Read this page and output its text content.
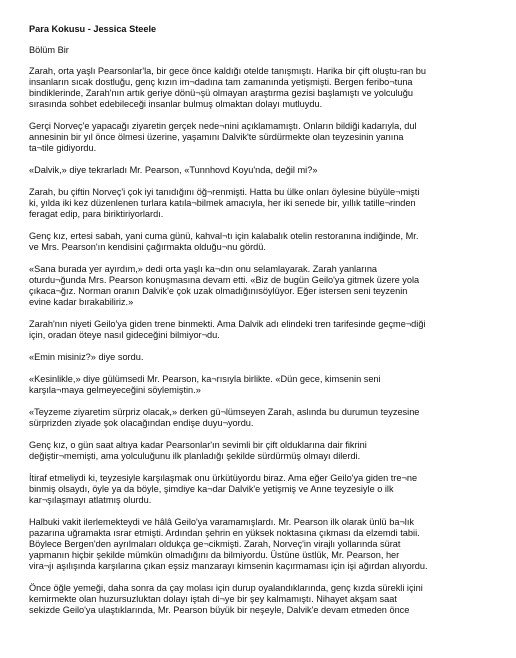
Para Kokusu - Jessica Steele
Bölüm Bir
Zarah, orta yaşlı Pearsonlar'la, bir gece önce kaldığı otelde tanışmıştı. Harika bir çift oluştu-ran bu
insanların sıcak dostluğu, genç kızın im¬dadına tam zamanında yetişmişti. Bergen feribo¬tuna
bindiklerinde, Zarah'nın artık geriye dönü¬şü olmayan araştırma gezisi başlamıştı ve yolculuğu
sırasında sohbet edebileceği insanlar bulmuş olmaktan dolayı mutluydu.
Gerçi Norveç'e yapacağı ziyaretin gerçek nede¬nini açıklamamıştı. Onların bildiği kadarıyla, dul
annesinin bir yıl önce ölmesi üzerine, yaşamını Dalvik'te sürdürmekte olan teyzesinin yanına
ta¬tile gidiyordu.
«Dalvik,» diye tekrarladı Mr. Pearson, «Tunnhovd Koyu'nda, değil mi?»
Zarah, bu çiftin Norveç'i çok iyi tanıdığını öğ¬renmişti. Hatta bu ülke onları öylesine büyüle¬mişti
ki, yılda iki kez düzenlenen turlara katıla¬bilmek amacıyla, her iki senede bir, yıllık tatille¬rinden
feragat edip, para biriktiriyorlardı.
Genç kız, ertesi sabah, yani cuma günü, kahval¬tı için kalabalık otelin restoranına indiğinde, Mr.
ve Mrs. Pearson'ın kendisini çağırmakta olduğu¬nu gördü.
«Sana burada yer ayırdım,» dedi orta yaşlı ka¬dın onu selamlayarak. Zarah yanlarına
oturdu¬ğunda Mrs. Pearson konuşmasına devam etti. «Biz de bugün Geilo'ya gitmek üzere yola
çıkaca¬ğız. Norman oranın Dalvik'e çok uzak olmadığınısöylüyor. Eğer istersen seni teyzenin
evine kadar bırakabiliriz.»
Zarah'nın niyeti Geilo'ya giden trene binmekti. Ama Dalvik adı elindeki tren tarifesinde geçme¬diği
için, oradan öteye nasıl gideceğini bilmiyor¬du.
«Emin misiniz?» diye sordu.
«Kesinlikle,» diye gülümsedi Mr. Pearson, ka¬rısıyla birlikte. «Dün gece, kimsenin seni
karşıla¬maya gelmeyeceğini söylemiştin.»
«Teyzeme ziyaretim sürpriz olacak,» derken gü¬lümseyen Zarah, aslında bu durumun teyzesine
sürprizden ziyade şok olacağından endişe duyu¬yordu.
Genç kız, o gün saat altıya kadar Pearsonlar'ın sevimli bir çift olduklarına dair fikrini
değiştir¬memişti, ama yolculuğunu ilk planladığı şekilde sürdürmüş olmayı dilerdi.
İtiraf etmeliydi ki, teyzesiyle karşılaşmak onu ürkütüyordu biraz. Ama eğer Geilo'ya giden tre¬ne
binmiş olsaydı, öyle ya da böyle, şimdiye ka¬dar Dalvik'e yetişmiş ve Anne teyzesiyle o ilk
kar¬şılaşmayı atlatmış olurdu.
Halbuki vakit ilerlemekteydi ve hâlâ Geilo'ya varamamışlardı. Mr. Pearson ilk olarak ünlü ba¬lık
pazarına uğramakta ısrar etmişti. Ardından şehrin en yüksek noktasına çıkması da elzemdi tabii.
Böylece Bergen'den ayrılmaları oldukça ge¬cikmişti. Zarah, Norveç'in virajlı yollarında sürat
yapmanın hiçbir şekilde mümkün olmadığını da bilmiyordu. Üstüne üstlük, Mr. Pearson, her
vira¬jı aşılışında karşılarına çıkan eşsiz manzarayı kimsenin kaçırmaması için işi ağırdan alıyordu.
Önce öğle yemeği, daha sonra da çay molası için durup oyalandıklarında, genç kızda sürekli içini
kemirmekte olan huzursuzluktan dolayı iştah di¬ye bir şey kalmamıştı. Nihayet akşam saat
sekizde Geilo'ya ulaştıklarında, Mr. Pearson büyük bir neşeyle, Dalvik'e devam etmeden önce
